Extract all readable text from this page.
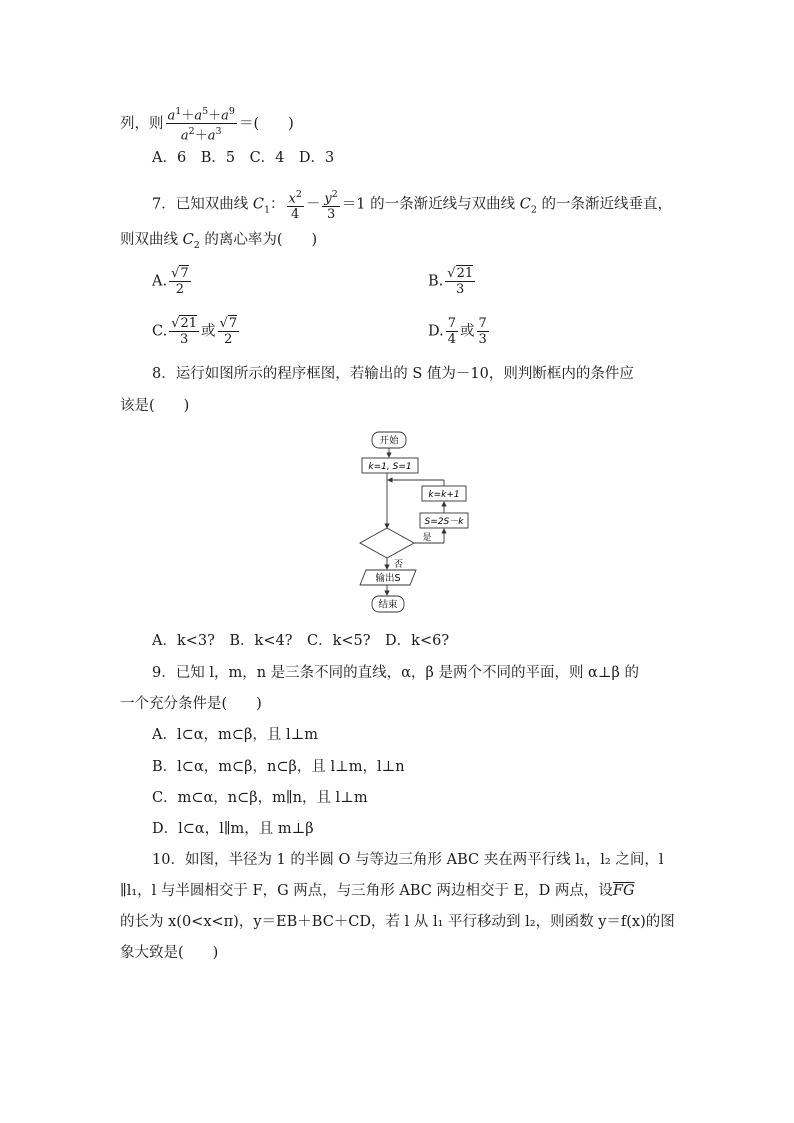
列，则 $\frac{a^1+a^5+a^9}{a^2+a^3}$ ＝(　　)
A．6　B．5　C．4　D．3
7．已知双曲线 $C_1$： $\frac{x^2}{4} - \frac{y^2}{3} =1$ 的一条渐近线与双曲线 $C_2$ 的一条渐近线垂直，
则双曲线 $C_2$ 的离心率为(　　)
A. $\frac{√7}{2}$	B. $\frac{√21}{3}$
C. $\frac{√21}{3}$ 或 $\frac{√7}{2}$	D. $\frac{7}{4}$ 或 $\frac{7}{3}$
8．运行如图所示的程序框图，若输出的 S 值为－10，则判断框内的条件应
该是(　　)
开始
k=1, S=1
k=k+1
S=2S－k
是
否
输出S
结束
A．k<3?　B．k<4?　C．k<5?　D．k<6?
9．已知 l，m，n 是三条不同的直线，α，β 是两个不同的平面，则 α⊥β 的
一个充分条件是(　　)
A．l⊂α，m⊂β，且 l⊥m
B．l⊂α，m⊂β，n⊂β，且 l⊥m，l⊥n
C．m⊂α，n⊂β，m∥n，且 l⊥m
D．l⊂α，l∥m，且 m⊥β
10．如图，半径为 1 的半圆 O 与等边三角形 ABC 夹在两平行线 l₁，l₂ 之间，l
∥l₁，l 与半圆相交于 F，G 两点，与三角形 ABC 两边相交于 E，D 两点，设$\overline{FG}$
的长为 x(0<x<π)，y＝EB＋BC＋CD，若 l 从 l₁ 平行移动到 l₂，则函数 y＝f(x)的图
象大致是(　　)
